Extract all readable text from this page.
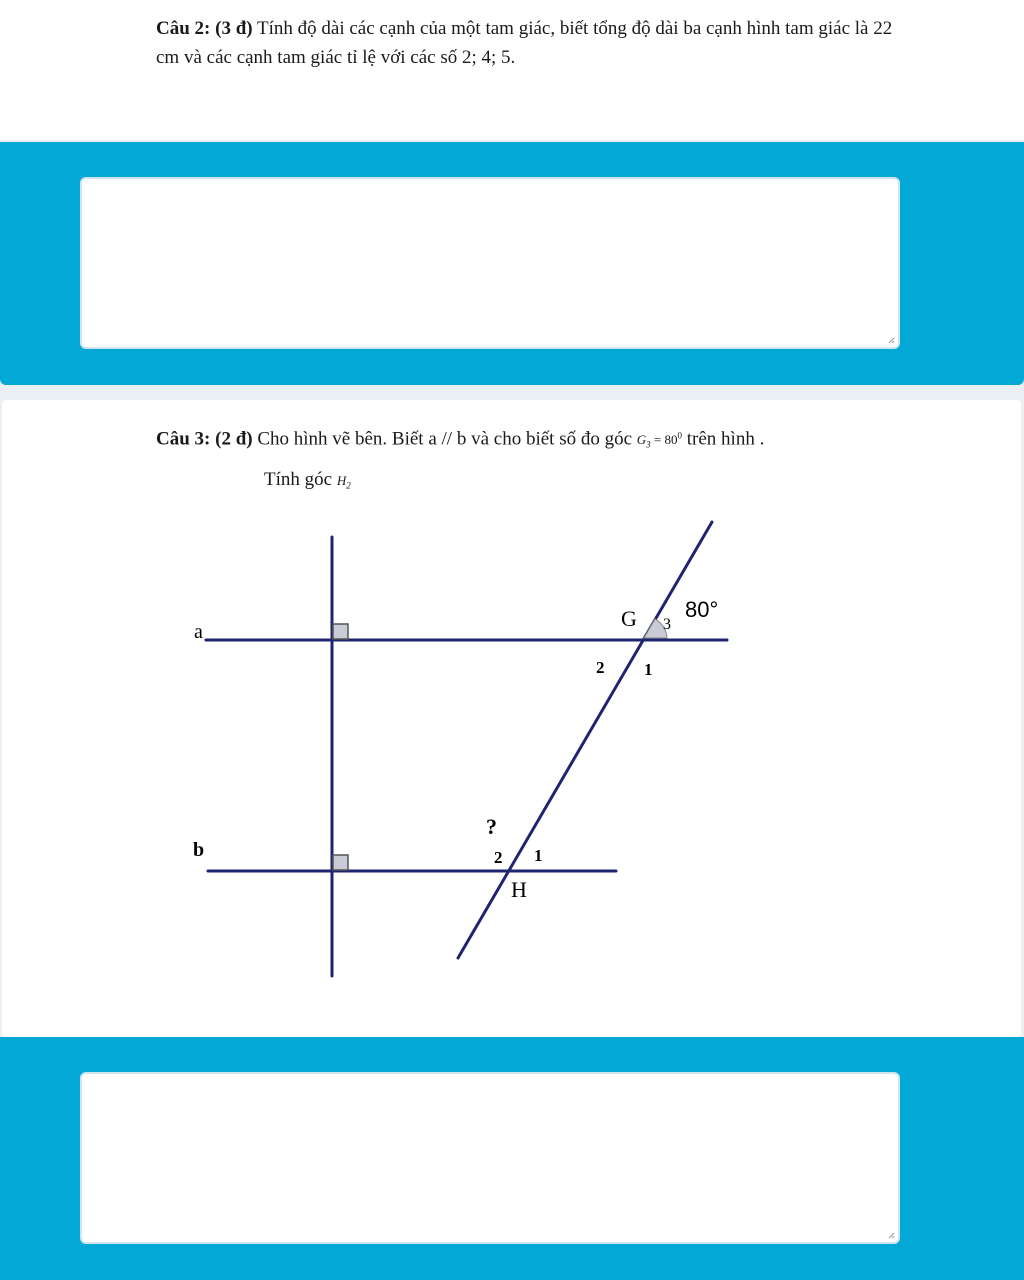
Câu 2: (3 đ) Tính độ dài các cạnh của một tam giác, biết tổng độ dài ba cạnh hình tam giác là 22 cm và các cạnh tam giác tỉ lệ với các số 2; 4; 5.
Câu 3: (2 đ) Cho hình vẽ bên. Biết a // b và cho biết số đo góc $G_3 = 80^0$ trên hình .
Tính góc $H_2$
a
b
G 80°
3
2 1
?
2 1
H
